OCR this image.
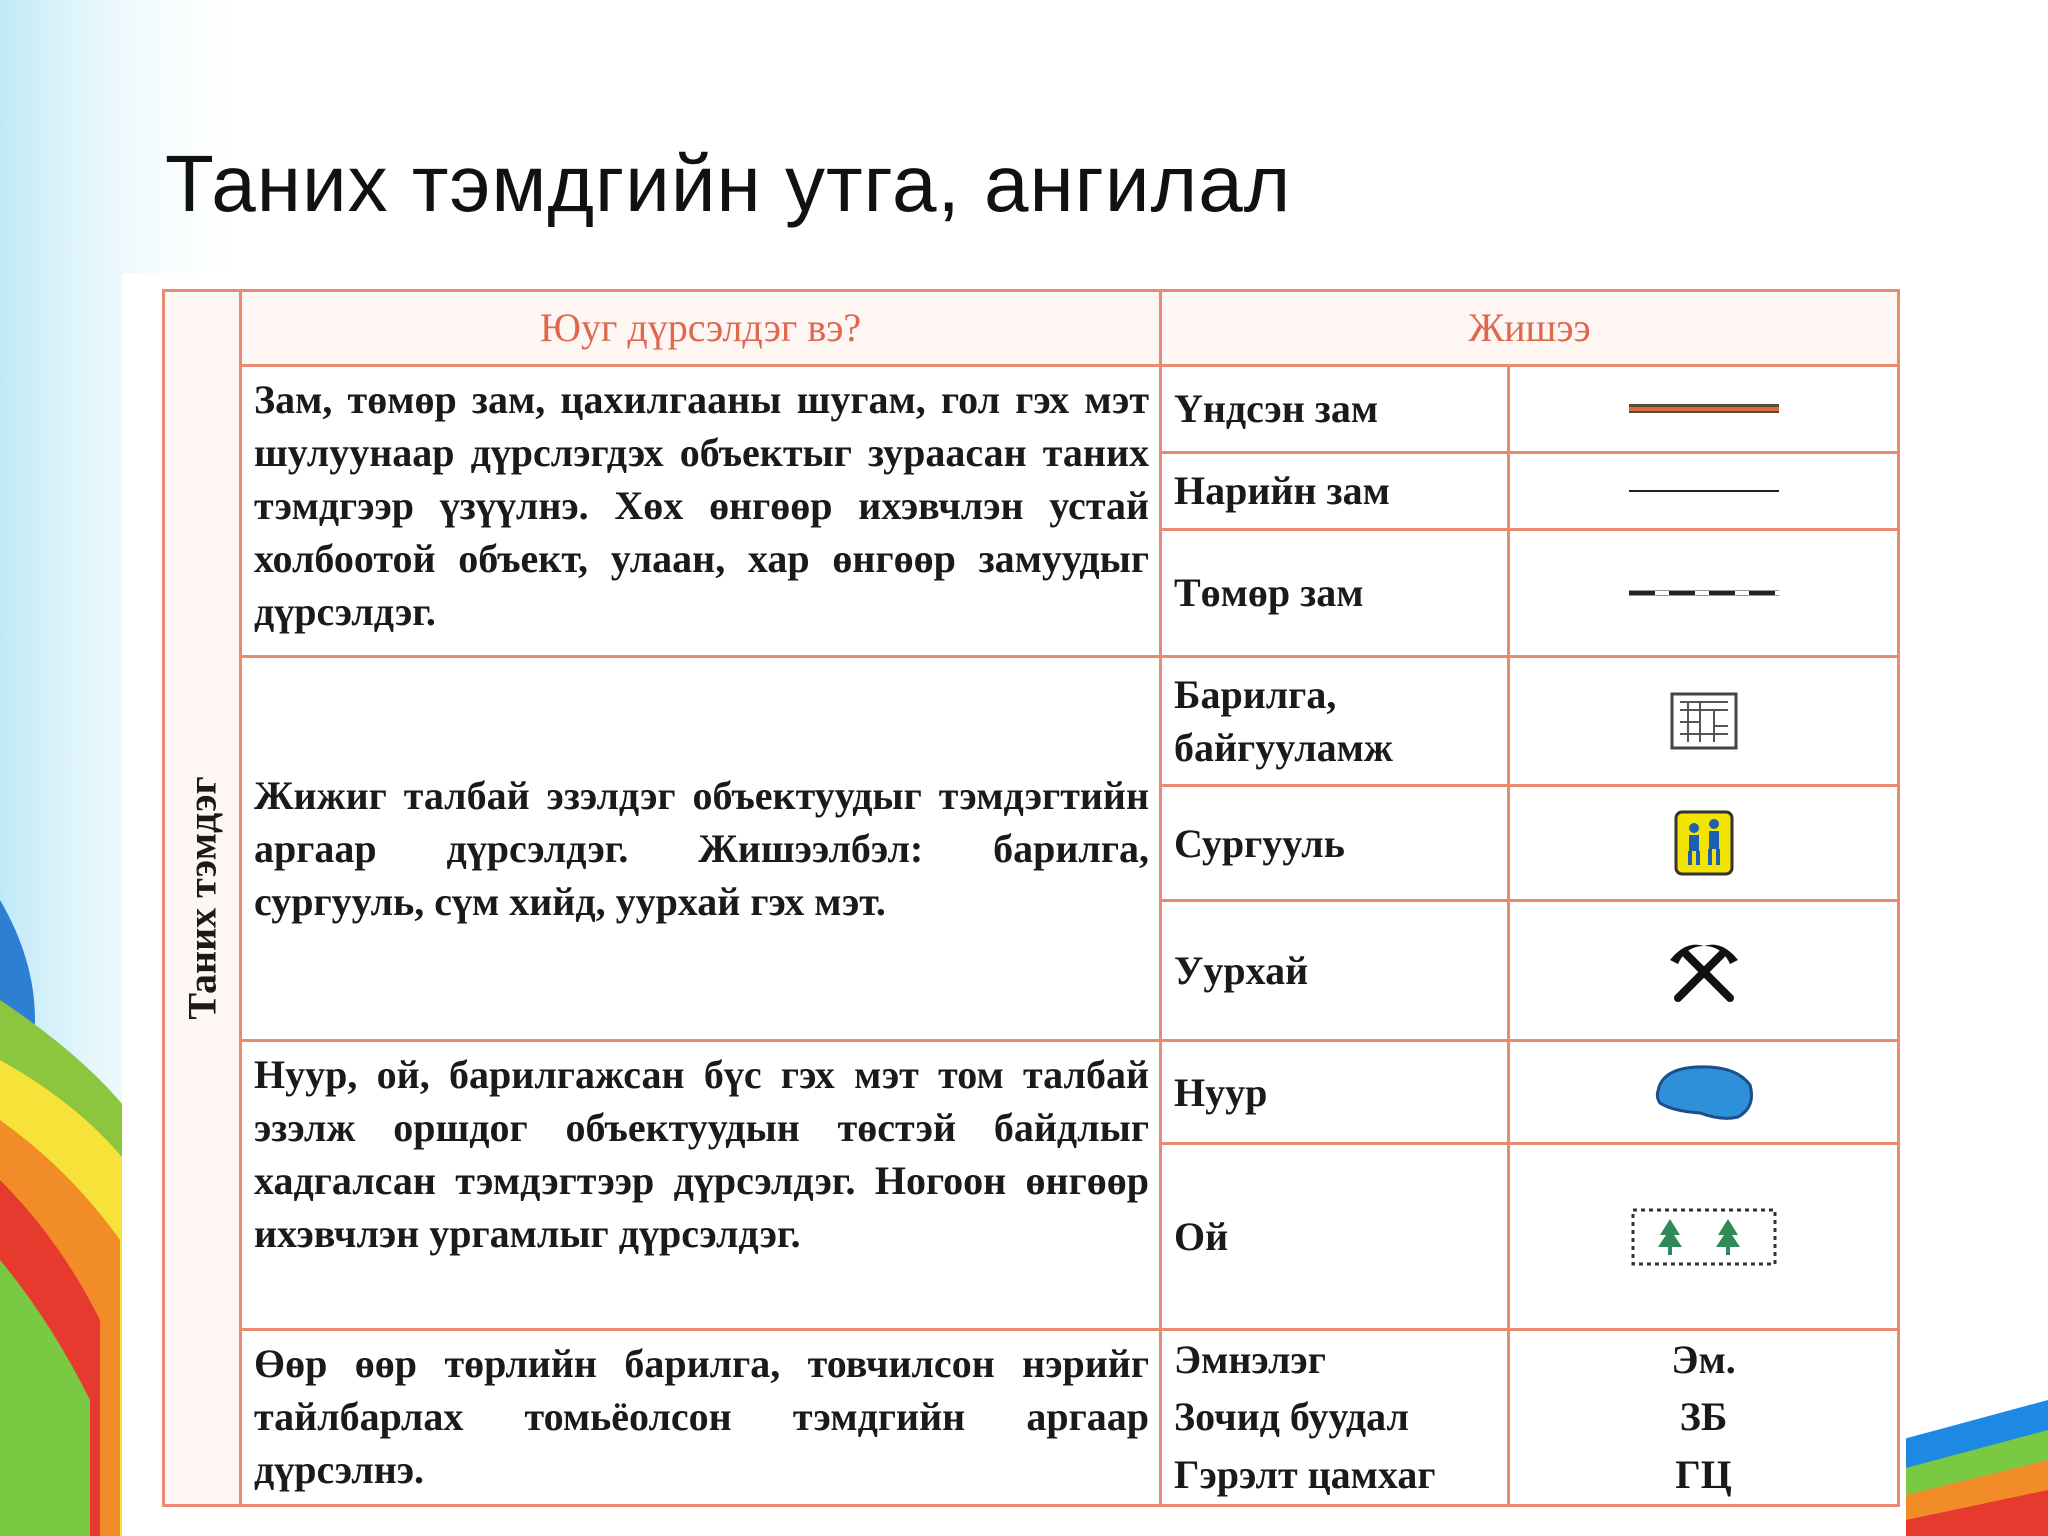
Таних тэмдгийн утга, ангилал
Таних тэмдэг	Юуг дүрсэлдэг вэ?	Жишээ	
	Зам, төмөр зам, цахилгааны шугам, гол гэх мэт шулуунаар дүрслэгдэх объектыг зураасан таних тэмдгээр үзүүлнэ. Хөх өнгөөр ихэвчлэн устай холбоотой объект, улаан, хар өнгөөр замуудыг дүрсэлдэг.	Үндсэн зам	

		Нарийн зам	

		Төмөр зам	

	Жижиг талбай эзэлдэг объектуудыг тэмдэгтийн аргаар дүрсэлдэг. Жишээлбэл: барилга, сургууль, сүм хийд, уурхай гэх мэт.	Барилга, байгууламж	

		Сургууль	

		Уурхай	

	Нуур, ой, барилгажсан бүс гэх мэт том талбай эзэлж оршдог объектуудын төстэй байдлыг хадгалсан тэмдэгтээр дүрсэлдэг. Ногоон өнгөөр ихэвчлэн ургамлыг дүрсэлдэг.	Нуур	

		Ой	

	Өөр өөр төрлийн барилга, товчилсон нэрийг тайлбарлах томьёолсон тэмдгийн аргаар дүрсэлнэ.	Эмнэлэг	Эм.
		Зочид буудал	ЗБ
		Гэрэлт цамхаг	ГЦ
